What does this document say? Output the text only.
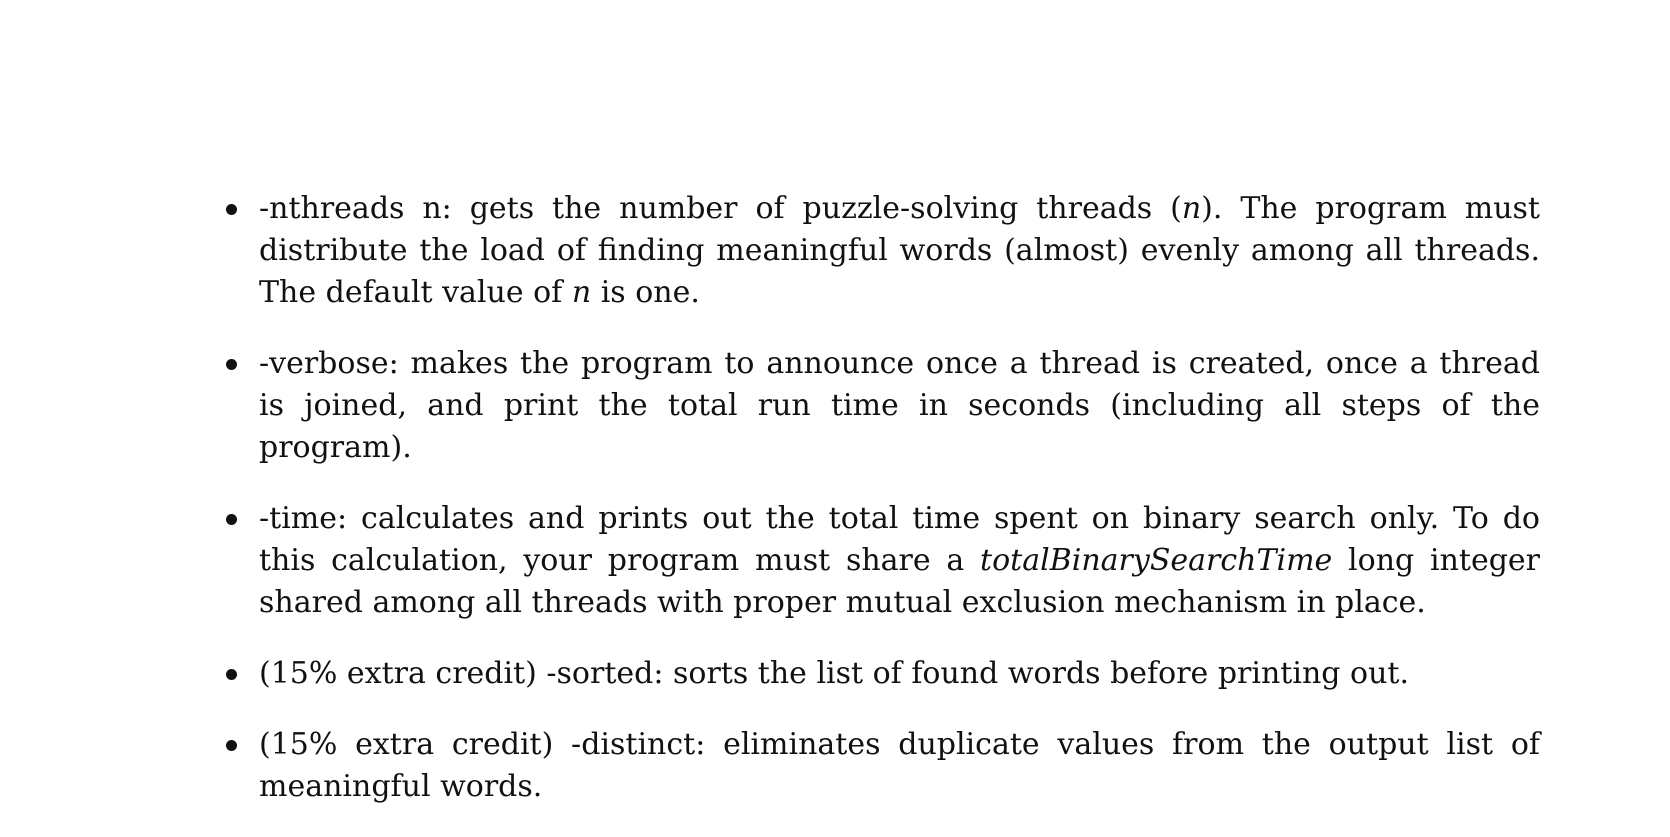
-nthreads n: gets the number of puzzle-solving threads (n). The program must distribute the load of finding meaningful words (almost) evenly among all threads. The default value of n is one.
-verbose: makes the program to announce once a thread is created, once a thread is joined, and print the total run time in seconds (including all steps of the program).
-time: calculates and prints out the total time spent on binary search only. To do this calculation, your program must share a totalBinarySearchTime long integer shared among all threads with proper mutual exclusion mechanism in place.
(15% extra credit) -sorted: sorts the list of found words before printing out.
(15% extra credit) -distinct: eliminates duplicate values from the output list of meaningful words.
